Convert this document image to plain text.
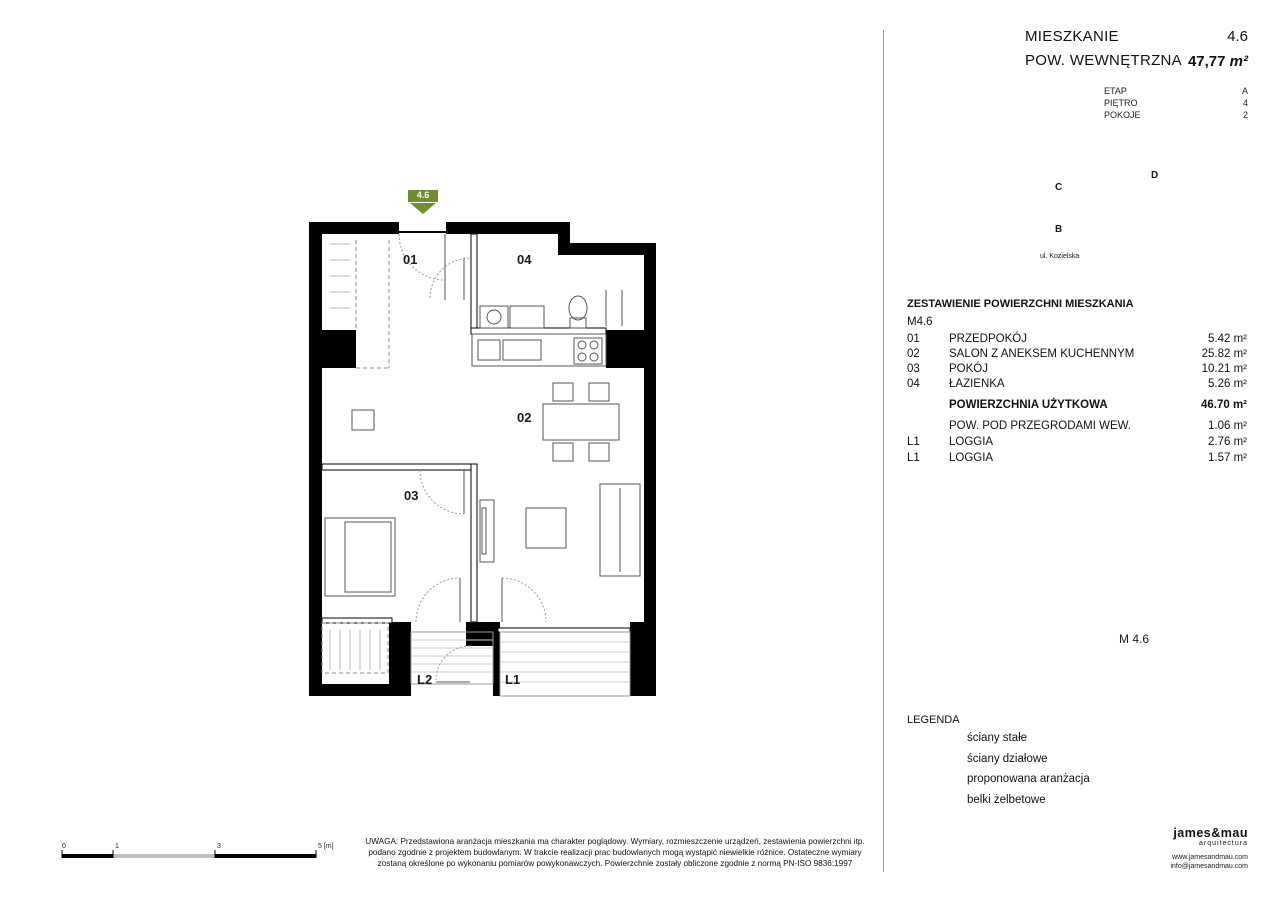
4.6
01	04
02
03
L2	L1
0	1	3	5 [m]
UWAGA: Przedstawiona aranżacja mieszkania ma charakter poglądowy. Wymiary, rozmieszczenie urządzeń, zestawienia powierzchni itp.
podano zgodnie z projektem budowlanym. W trakcie realizacji prac budowlanych mogą wystąpić niewielkie różnice. Ostateczne wymiary
zostaną określone po wykonaniu pomiarów powykonawczych. Powierzchnie zostały obliczone zgodnie z normą PN-ISO 9836:1997
MIESZKANIE	4.6
POW. WEWNĘTRZNA 47,77 m²
ETAP	A
PIĘTRO	4
POKOJE	2
C
D
B	A
ul. Kozielska
ZESTAWIENIE POWIERZCHNI MIESZKANIA
M4.6
01	PRZEDPOKÓJ	5.42 m²
02	SALON Z ANEKSEM KUCHENNYM	25.82 m²
03	POKÓJ	10.21 m²
04	ŁAZIENKA	5.26 m²
POWIERZCHNIA UŻYTKOWA	46.70 m²
POW. POD PRZEGRODAMI WEW.	1.06 m²
L1	LOGGIA	2.76 m²
L1	LOGGIA	1.57 m²
W
M 4.6
LEGENDA
ściany stałe
ściany działowe
proponowana aranżacja
belki żelbetowe
james&mau
arquitectura
www.jamesandmau.com
info@jamesandmau.com
